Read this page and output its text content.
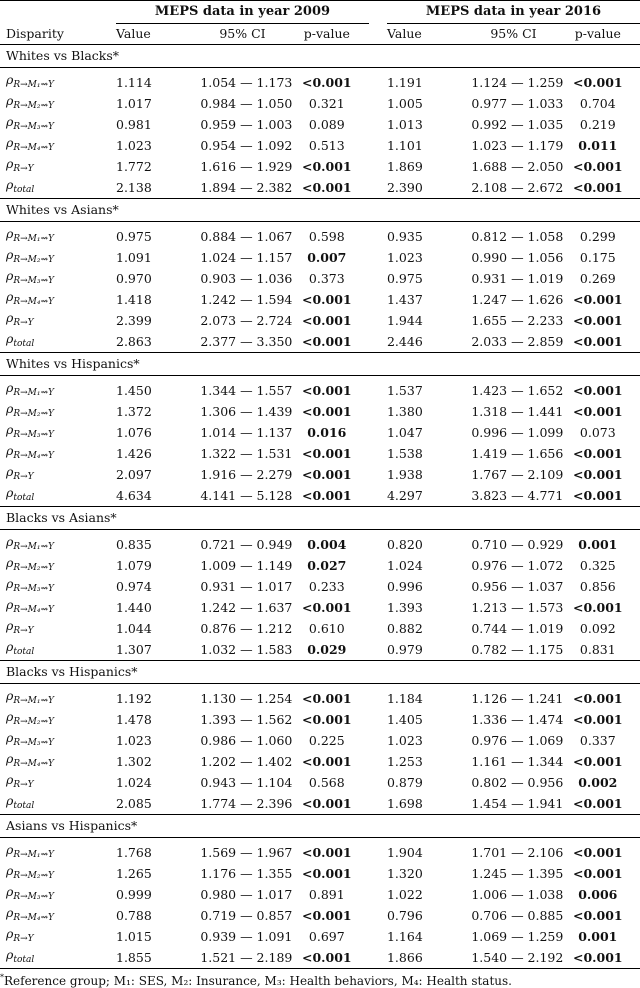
	MEPS data in year 2009				MEPS data in year 2016		
Disparity	Value	95% CI	p-value		Value	95% CI	p-value
Whites vs Blacks*							

$\rho_{R\to M_1⇝Y}$	1.114	1.054 — 1.173	<0.001		1.191	1.124 — 1.259	<0.001
$\rho_{R\to M_2⇝Y}$	1.017	0.984 — 1.050	0.321		1.005	0.977 — 1.033	0.704
$\rho_{R\to M_3⇝Y}$	0.981	0.959 — 1.003	0.089		1.013	0.992 — 1.035	0.219
$\rho_{R\to M_4⇝Y}$	1.023	0.954 — 1.092	0.513		1.101	1.023 — 1.179	0.011
$\rho_{R\to Y}$	1.772	1.616 — 1.929	<0.001		1.869	1.688 — 2.050	<0.001
$\rho_{total}$	2.138	1.894 — 2.382	<0.001		2.390	2.108 — 2.672	<0.001
Whites vs Asians*							

$\rho_{R\to M_1⇝Y}$	0.975	0.884 — 1.067	0.598		0.935	0.812 — 1.058	0.299
$\rho_{R\to M_2⇝Y}$	1.091	1.024 — 1.157	0.007		1.023	0.990 — 1.056	0.175
$\rho_{R\to M_3⇝Y}$	0.970	0.903 — 1.036	0.373		0.975	0.931 — 1.019	0.269
$\rho_{R\to M_4⇝Y}$	1.418	1.242 — 1.594	<0.001		1.437	1.247 — 1.626	<0.001
$\rho_{R\to Y}$	2.399	2.073 — 2.724	<0.001		1.944	1.655 — 2.233	<0.001
$\rho_{total}$	2.863	2.377 — 3.350	<0.001		2.446	2.033 — 2.859	<0.001
Whites vs Hispanics*							

$\rho_{R\to M_1⇝Y}$	1.450	1.344 — 1.557	<0.001		1.537	1.423 — 1.652	<0.001
$\rho_{R\to M_2⇝Y}$	1.372	1.306 — 1.439	<0.001		1.380	1.318 — 1.441	<0.001
$\rho_{R\to M_3⇝Y}$	1.076	1.014 — 1.137	0.016		1.047	0.996 — 1.099	0.073
$\rho_{R\to M_4⇝Y}$	1.426	1.322 — 1.531	<0.001		1.538	1.419 — 1.656	<0.001
$\rho_{R\to Y}$	2.097	1.916 — 2.279	<0.001		1.938	1.767 — 2.109	<0.001
$\rho_{total}$	4.634	4.141 — 5.128	<0.001		4.297	3.823 — 4.771	<0.001
Blacks vs Asians*							

$\rho_{R\to M_1⇝Y}$	0.835	0.721 — 0.949	0.004		0.820	0.710 — 0.929	0.001
$\rho_{R\to M_2⇝Y}$	1.079	1.009 — 1.149	0.027		1.024	0.976 — 1.072	0.325
$\rho_{R\to M_3⇝Y}$	0.974	0.931 — 1.017	0.233		0.996	0.956 — 1.037	0.856
$\rho_{R\to M_4⇝Y}$	1.440	1.242 — 1.637	<0.001		1.393	1.213 — 1.573	<0.001
$\rho_{R\to Y}$	1.044	0.876 — 1.212	0.610		0.882	0.744 — 1.019	0.092
$\rho_{total}$	1.307	1.032 — 1.583	0.029		0.979	0.782 — 1.175	0.831
Blacks vs Hispanics*							

$\rho_{R\to M_1⇝Y}$	1.192	1.130 — 1.254	<0.001		1.184	1.126 — 1.241	<0.001
$\rho_{R\to M_2⇝Y}$	1.478	1.393 — 1.562	<0.001		1.405	1.336 — 1.474	<0.001
$\rho_{R\to M_3⇝Y}$	1.023	0.986 — 1.060	0.225		1.023	0.976 — 1.069	0.337
$\rho_{R\to M_4⇝Y}$	1.302	1.202 — 1.402	<0.001		1.253	1.161 — 1.344	<0.001
$\rho_{R\to Y}$	1.024	0.943 — 1.104	0.568		0.879	0.802 — 0.956	0.002
$\rho_{total}$	2.085	1.774 — 2.396	<0.001		1.698	1.454 — 1.941	<0.001
Asians vs Hispanics*							

$\rho_{R\to M_1⇝Y}$	1.768	1.569 — 1.967	<0.001		1.904	1.701 — 2.106	<0.001
$\rho_{R\to M_2⇝Y}$	1.265	1.176 — 1.355	<0.001		1.320	1.245 — 1.395	<0.001
$\rho_{R\to M_3⇝Y}$	0.999	0.980 — 1.017	0.891		1.022	1.006 — 1.038	0.006
$\rho_{R\to M_4⇝Y}$	0.788	0.719 — 0.857	<0.001		0.796	0.706 — 0.885	<0.001
$\rho_{R\to Y}$	1.015	0.939 — 1.091	0.697		1.164	1.069 — 1.259	0.001
$\rho_{total}$	1.855	1.521 — 2.189	<0.001		1.866	1.540 — 2.192	<0.001
*Reference group; M₁: SES, M₂: Insurance, M₃: Health behaviors, M₄: Health status.
